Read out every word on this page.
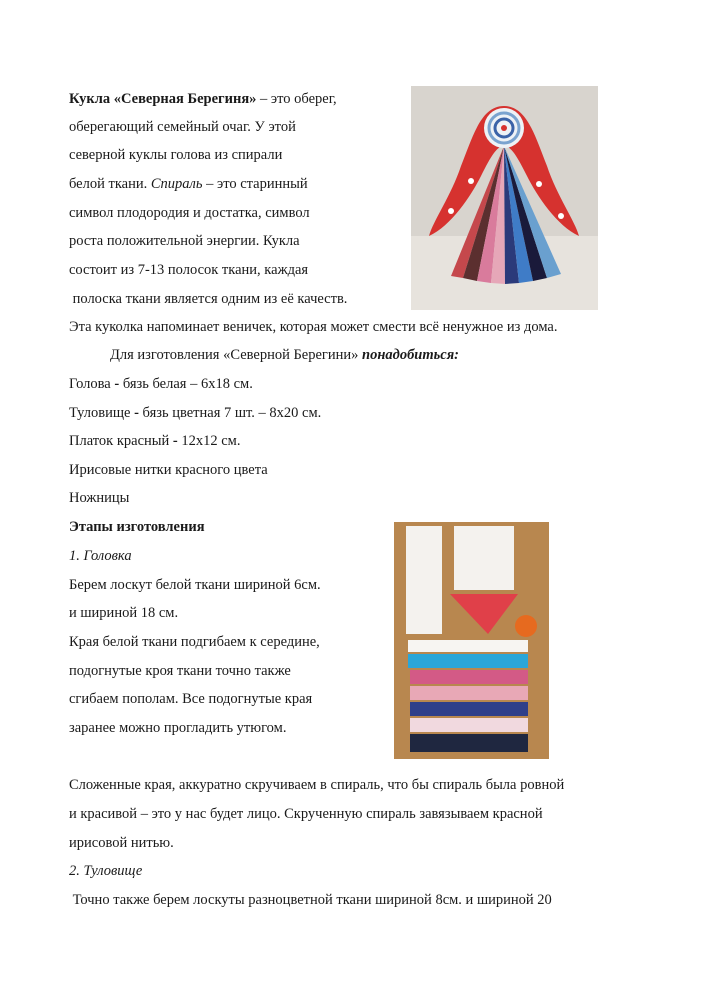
Кукла «Северная Берегиня» – это оберег,
оберегающий семейный очаг. У этой
северной куклы голова из спирали
белой ткани. Спираль – это старинный
символ плодородия и достатка, символ
роста положительной энергии. Кукла
состоит из 7-13 полосок ткани, каждая
полоска ткани является одним из её качеств.
Эта куколка напоминает веничек, которая может смести всё ненужное из дома.
Для изготовления «Северной Берегини» понадобиться:
Голова - бязь белая – 6х18 см.
Туловище - бязь цветная 7 шт. – 8х20 см.
Платок красный - 12х12 см.
Ирисовые нитки красного цвета
Ножницы
Этапы изготовления
1. Головка
Берем лоскут белой ткани шириной 6см.
и шириной 18 см.
Края белой ткани подгибаем к середине,
подогнутые кроя ткани точно также
сгибаем пополам. Все подогнутые края
заранее можно прогладить утюгом.
Сложенные края, аккуратно скручиваем в спираль, что бы спираль была ровной
и красивой – это у нас будет лицо. Скрученную спираль завязываем красной
ирисовой нитью.
2. Туловище
Точно также берем лоскуты разноцветной ткани шириной 8см. и шириной 20
